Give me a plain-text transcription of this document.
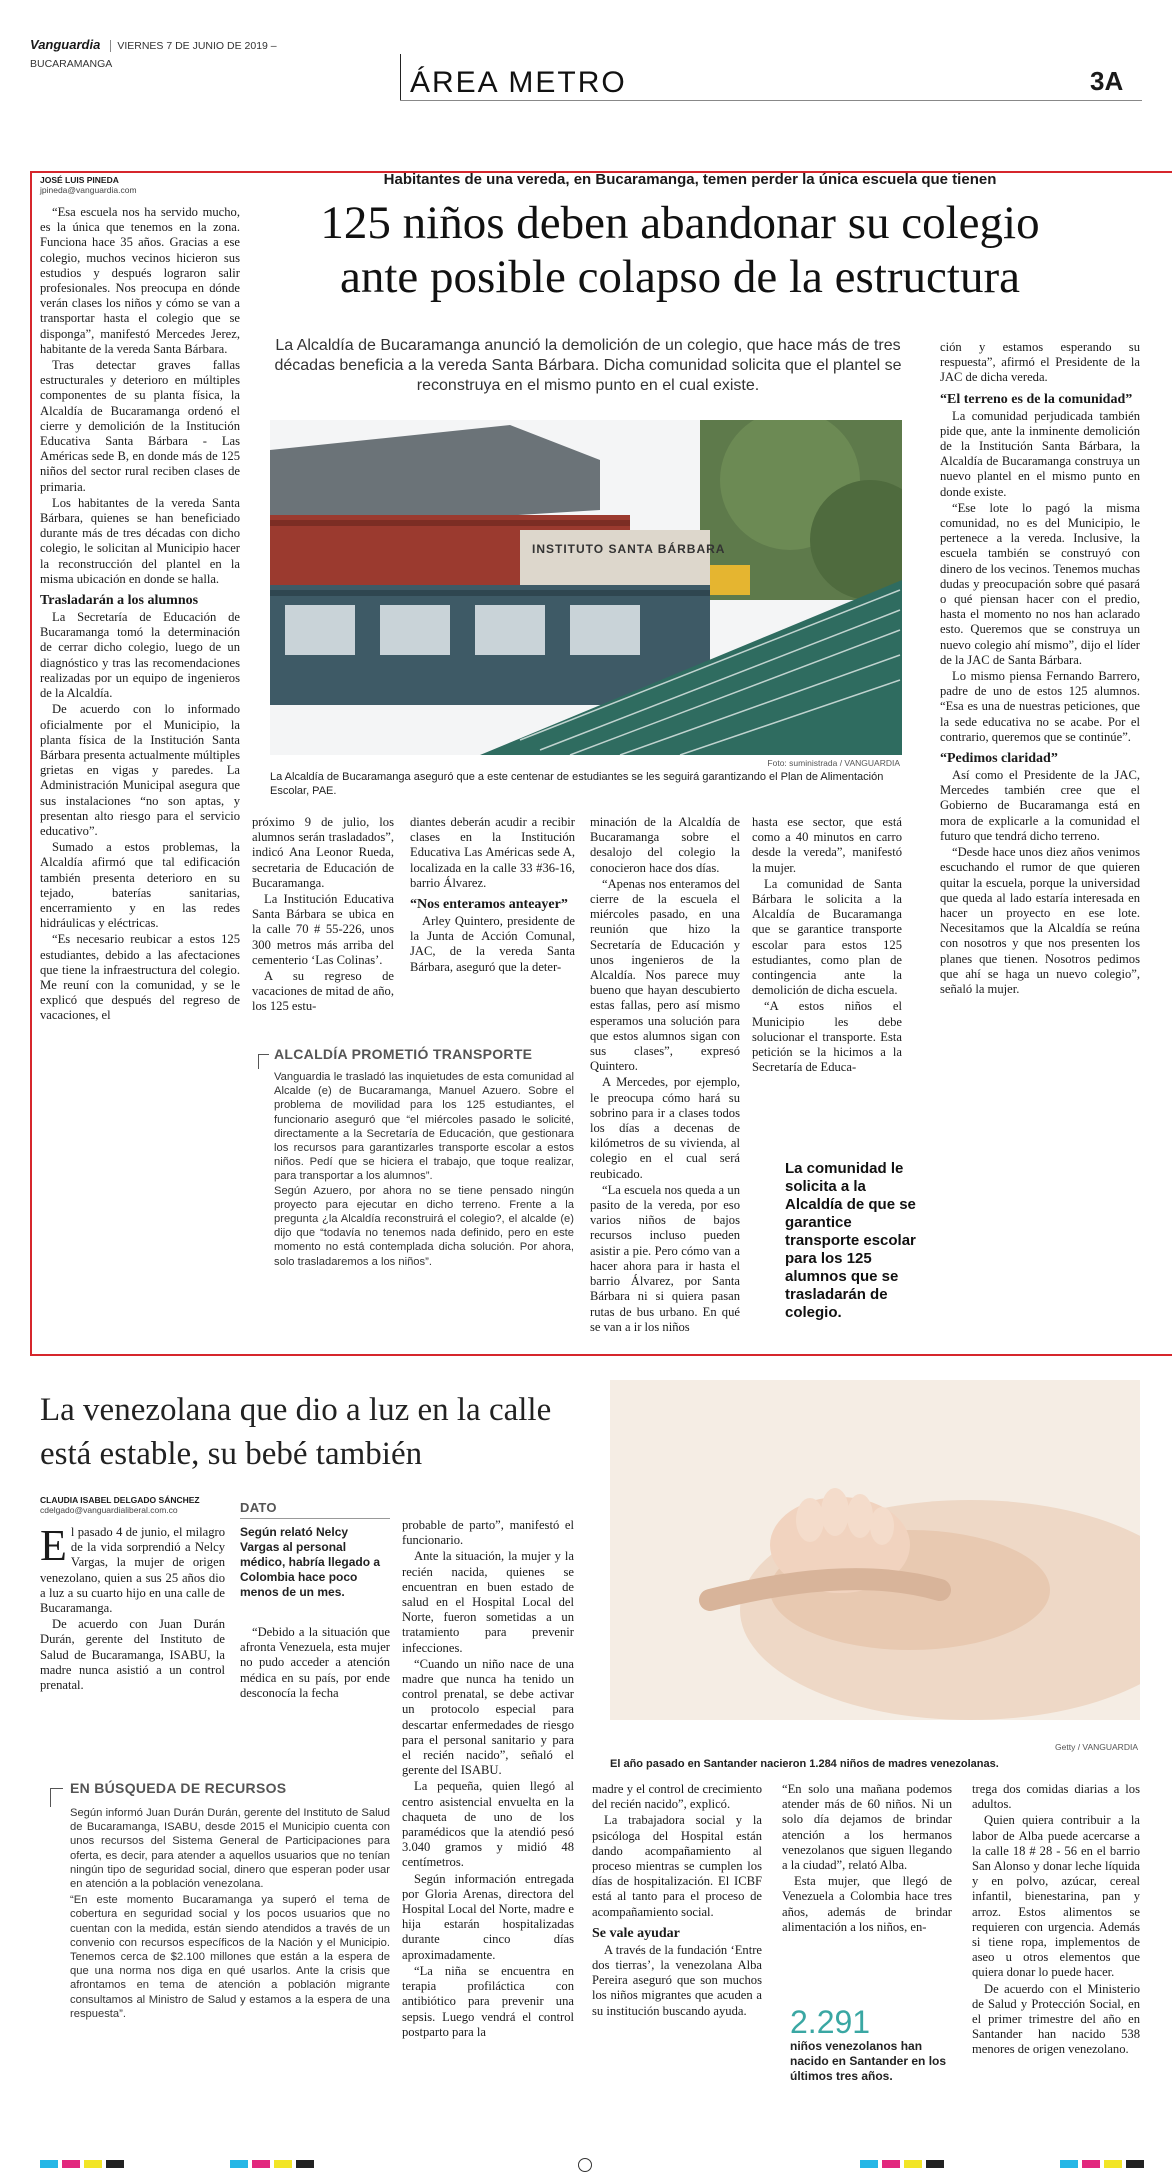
Vanguardia VIERNES 7 DE JUNIO DE 2019 – BUCARAMANGA
ÁREA METRO	3A
JOSÉ LUIS PINEDA
jpineda@vanguardia.com
Habitantes de una vereda, en Bucaramanga, temen perder la única escuela que tienen
125 niños deben abandonar su colegio
ante posible colapso de la estructura
La Alcaldía de Bucaramanga anunció la demolición de un colegio, que hace más de tres décadas beneficia a la vereda Santa Bárbara. Dicha comunidad solicita que el plantel se reconstruya en el mismo punto en el cual existe.
INSTITUTO SANTA BÁRBARA
Foto: suministrada / VANGUARDIA
La Alcaldía de Bucaramanga aseguró que a este centenar de estudiantes se les seguirá garantizando el Plan de Alimentación Escolar, PAE.

“Esa escuela nos ha servido mucho, es la única que tenemos en la zona. Funciona hace 35 años. Gracias a ese colegio, muchos vecinos hicieron sus estudios y después lograron salir profesionales. Nos preocupa en dónde verán clases los niños y cómo se van a transportar hasta el colegio que se disponga”, manifestó Mercedes Jerez, habitante de la vereda Santa Bárbara.

Tras detectar graves fallas estructurales y deterioro en múltiples componentes de su planta física, la Alcaldía de Bucaramanga ordenó el cierre y demolición de la Institución Educativa Santa Bárbara - Las Américas sede B, en donde más de 125 niños del sector rural reciben clases de primaria.

Los habitantes de la vereda Santa Bárbara, quienes se han beneficiado durante más de tres décadas con dicho colegio, le solicitan al Municipio hacer la reconstrucción del plantel en la misma ubicación en donde se halla.

Trasladarán a los alumnos

La Secretaría de Educación de Bucaramanga tomó la determinación de cerrar dicho colegio, luego de un diagnóstico y tras las recomendaciones realizadas por un equipo de ingenieros de la Alcaldía.

De acuerdo con lo informado oficialmente por el Municipio, la planta física de la Institución Santa Bárbara presenta actualmente múltiples grietas en vigas y paredes. La Administración Municipal asegura que sus instalaciones “no son aptas, y presentan alto riesgo para el servicio educativo”.

Sumado a estos problemas, la Alcaldía afirmó que tal edificación también presenta deterioro en su tejado, baterías sanitarias, encerramiento y en las redes hidráulicas y eléctricas.

“Es necesario reubicar a estos 125 estudiantes, debido a las afectaciones que tiene la infraestructura del colegio. Me reuní con la comunidad, y se le explicó que después del regreso de vacaciones, el

próximo 9 de julio, los alumnos serán trasladados”, indicó Ana Leonor Rueda, secretaria de Educación de Bucaramanga.

La Institución Educativa Santa Bárbara se ubica en la calle 70 # 55-226, unos 300 metros más arriba del cementerio ‘Las Colinas’.

A su regreso de vacaciones de mitad de año, los 125 estu-

diantes deberán acudir a recibir clases en la Institución Educativa Las Américas sede A, localizada en la calle 33 #36-16, barrio Álvarez.

“Nos enteramos anteayer”

Arley Quintero, presidente de la Junta de Acción Comunal, JAC, de la vereda Santa Bárbara, aseguró que la deter-

ALCALDÍA PROMETIÓ TRANSPORTE

Vanguardia le trasladó las inquietudes de esta comunidad al Alcalde (e) de Bucaramanga, Manuel Azuero. Sobre el problema de movilidad para los 125 estudiantes, el funcionario aseguró que “el miércoles pasado le solicité, directamente a la Secretaría de Educación, que gestionara los recursos para garantizarles transporte escolar a estos niños. Pedí que se hiciera el trabajo, que toque realizar, para transportar a los alumnos”.

Según Azuero, por ahora no se tiene pensado ningún proyecto para ejecutar en dicho terreno. Frente a la pregunta ¿la Alcaldía reconstruirá el colegio?, el alcalde (e) dijo que “todavía no tenemos nada definido, pero en este momento no está contemplada dicha solución. Por ahora, solo trasladaremos a los niños”.

minación de la Alcaldía de Bucaramanga sobre el desalojo del colegio la conocieron hace dos días.

“Apenas nos enteramos del cierre de la escuela el miércoles pasado, en una reunión que hizo la Secretaría de Educación y unos ingenieros de la Alcaldía. Nos parece muy bueno que hayan descubierto estas fallas, pero así mismo esperamos una solución para que estos alumnos sigan con sus clases”, expresó Quintero.

A Mercedes, por ejemplo, le preocupa cómo hará su sobrino para ir a clases todos los días a decenas de kilómetros de su vivienda, al colegio en el cual será reubicado.

“La escuela nos queda a un pasito de la vereda, por eso varios niños de bajos recursos incluso pueden asistir a pie. Pero cómo van a hacer ahora para ir hasta el barrio Álvarez, por Santa Bárbara ni si quiera pasan rutas de bus urbano. En qué se van a ir los niños

hasta ese sector, que está como a 40 minutos en carro desde la vereda”, manifestó la mujer.

La comunidad de Santa Bárbara le solicita a la Alcaldía de Bucaramanga que se garantice transporte escolar para estos 125 estudiantes, como plan de contingencia ante la demolición de dicha escuela.

“A estos niños el Municipio les debe solucionar el transporte. Esta petición se la hicimos a la Secretaría de Educa-

La comunidad le solicita a la Alcaldía de que se garantice transporte escolar para los 125 alumnos que se trasladarán de colegio.

ción y estamos esperando su respuesta”, afirmó el Presidente de la JAC de dicha vereda.

“El terreno es de la comunidad”

La comunidad perjudicada también pide que, ante la inminente demolición de la Institución Santa Bárbara, la Alcaldía de Bucaramanga construya un nuevo plantel en el mismo punto en donde existe.

“Ese lote lo pagó la misma comunidad, no es del Municipio, le pertenece a la vereda. Inclusive, la escuela también se construyó con dinero de los vecinos. Tenemos muchas dudas y preocupación sobre qué pasará o qué piensan hacer con el predio, hasta el momento no nos han aclarado esto. Queremos que se construya un nuevo colegio ahí mismo”, dijo el líder de la JAC de Santa Bárbara.

Lo mismo piensa Fernando Barrero, padre de uno de estos 125 alumnos. “Esa es una de nuestras peticiones, que la sede educativa no se acabe. Por el contrario, queremos que se continúe”.

“Pedimos claridad”

Así como el Presidente de la JAC, Mercedes también cree que el Gobierno de Bucaramanga está en mora de explicarle a la comunidad el futuro que tendrá dicho terreno.

“Desde hace unos diez años venimos escuchando el rumor de que quieren quitar la escuela, porque la universidad que queda al lado estaría interesada en hacer un proyecto en ese lote. Necesitamos que la Alcaldía se reúna con nosotros y que nos presenten los planes que tienen. Nosotros pedimos que ahí se haga un nuevo colegio”, señaló la mujer.

La venezolana que dio a luz en la calle está estable, su bebé también
Getty / VANGUARDIA
El año pasado en Santander nacieron 1.284 niños de madres venezolanas.
CLAUDIA ISABEL DELGADO SÁNCHEZ
cdelgado@vanguardialiberal.com.co	DATO
Según relató Nelcy Vargas al personal médico, habría llegado a Colombia hace poco menos de un mes.

El pasado 4 de junio, el milagro de la vida sorprendió a Nelcy Vargas, la mujer de origen venezolano, quien a sus 25 años dio a luz a su cuarto hijo en una calle de Bucaramanga.

De acuerdo con Juan Durán Durán, gerente del Instituto de Salud de Bucaramanga, ISABU, la madre nunca asistió a un control prenatal.

“Debido a la situación que afronta Venezuela, esta mujer no pudo acceder a atención médica en su país, por ende desconocía la fecha

EN BÚSQUEDA DE RECURSOS

Según informó Juan Durán Durán, gerente del Instituto de Salud de Bucaramanga, ISABU, desde 2015 el Municipio cuenta con unos recursos del Sistema General de Participaciones para oferta, es decir, para atender a aquellos usuarios que no tenían ningún tipo de seguridad social, dinero que esperan poder usar en atención a la población venezolana.

“En este momento Bucaramanga ya superó el tema de cobertura en seguridad social y los pocos usuarios que no cuentan con la medida, están siendo atendidos a través de un convenio con recursos específicos de la Nación y el Municipio. Tenemos cerca de $2.100 millones que están a la espera de que una norma nos diga en qué usarlos. Ante la crisis que afrontamos en tema de atención a población migrante consultamos al Ministro de Salud y estamos a la espera de una respuesta”.

probable de parto”, manifestó el funcionario.

Ante la situación, la mujer y la recién nacida, quienes se encuentran en buen estado de salud en el Hospital Local del Norte, fueron sometidas a un tratamiento para prevenir infecciones.

“Cuando un niño nace de una madre que nunca ha tenido un control prenatal, se debe activar un protocolo especial para descartar enfermedades de riesgo para el personal sanitario y para el recién nacido”, señaló el gerente del ISABU.

La pequeña, quien llegó al centro asistencial envuelta en la chaqueta de uno de los paramédicos que la atendió pesó 3.040 gramos y midió 48 centímetros.

Según información entregada por Gloria Arenas, directora del Hospital Local del Norte, madre e hija estarán hospitalizadas durante cinco días aproximadamente.

“La niña se encuentra en terapia profiláctica con antibiótico para prevenir una sepsis. Luego vendrá el control postparto para la

madre y el control de crecimiento del recién nacido”, explicó.

La trabajadora social y la psicóloga del Hospital están dando acompañamiento al proceso mientras se cumplen los días de hospitalización. El ICBF está al tanto para el proceso de acompañamiento social.

Se vale ayudar

A través de la fundación ‘Entre dos tierras’, la venezolana Alba Pereira aseguró que son muchos los niños migrantes que acuden a su institución buscando ayuda.

“En solo una mañana podemos atender más de 60 niños. Ni un solo día dejamos de brindar atención a los hermanos venezolanos que siguen llegando a la ciudad”, relató Alba.

Esta mujer, que llegó de Venezuela a Colombia hace tres años, además de brindar alimentación a los niños, en-

2.291
niños venezolanos han nacido en Santander en los últimos tres años.

trega dos comidas diarias a los adultos.

Quien quiera contribuir a la labor de Alba puede acercarse a la calle 18 # 28 - 56 en el barrio San Alonso y donar leche líquida y en polvo, azúcar, cereal infantil, bienestarina, pan y arroz. Estos alimentos se requieren con urgencia. Además si tiene ropa, implementos de aseo u otros elementos que quiera donar lo puede hacer.

De acuerdo con el Ministerio de Salud y Protección Social, en el primer trimestre del año en Santander han nacido 538 menores de origen venezolano.
